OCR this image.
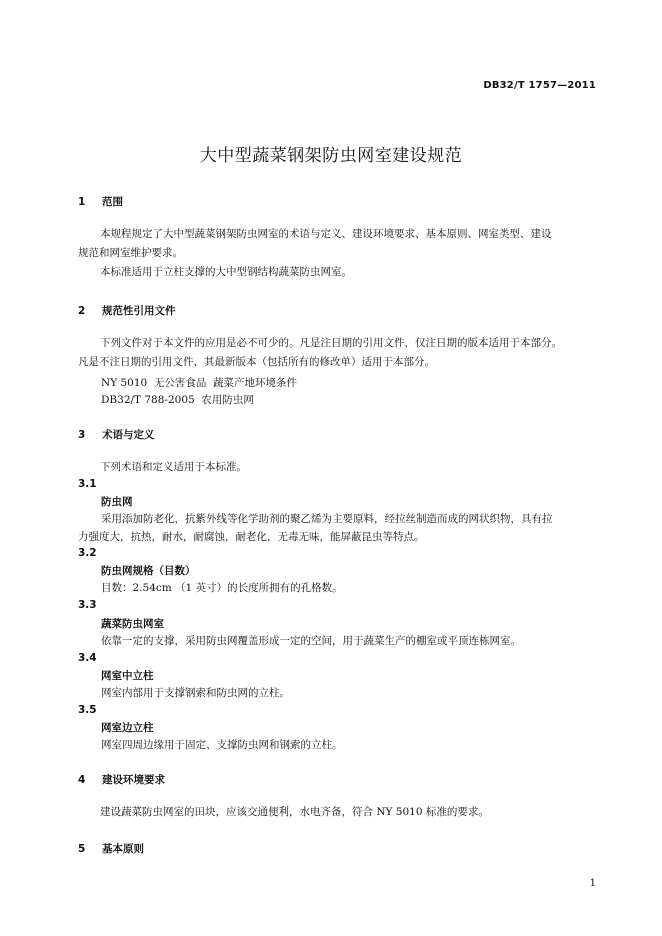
DB32/T 1757—2011
大中型蔬菜钢架防虫网室建设规范
1 范围
本规程规定了大中型蔬菜钢架防虫网室的术语与定义、建设环境要求、基本原则、网室类型、建设
规范和网室维护要求。
本标准适用于立柱支撑的大中型钢结构蔬菜防虫网室。
2 规范性引用文件
下列文件对于本文件的应用是必不可少的。凡是注日期的引用文件，仅注日期的版本适用于本部分。
凡是不注日期的引用文件，其最新版本（包括所有的修改单）适用于本部分。
NY 5010  无公害食品  蔬菜产地环境条件
DB32/T 788-2005  农用防虫网
3 术语与定义
下列术语和定义适用于本标准。
3.1
防虫网
采用添加防老化，抗紫外线等化学助剂的聚乙烯为主要原料，经拉丝制造而成的网状织物，具有拉
力强度大，抗热，耐水，耐腐蚀，耐老化，无毒无味，能屏蔽昆虫等特点。
3.2
防虫网规格（目数）
目数：2.54cm （1 英寸）的长度所拥有的孔格数。
3.3
蔬菜防虫网室
依靠一定的支撑，采用防虫网覆盖形成一定的空间，用于蔬菜生产的棚室或平顶连栋网室。
3.4
网室中立柱
网室内部用于支撑钢索和防虫网的立柱。
3.5
网室边立柱
网室四周边缘用于固定、支撑防虫网和钢索的立柱。
4 建设环境要求
建设蔬菜防虫网室的田块，应该交通便利，水电齐备，符合 NY 5010 标准的要求。
5 基本原则
1
